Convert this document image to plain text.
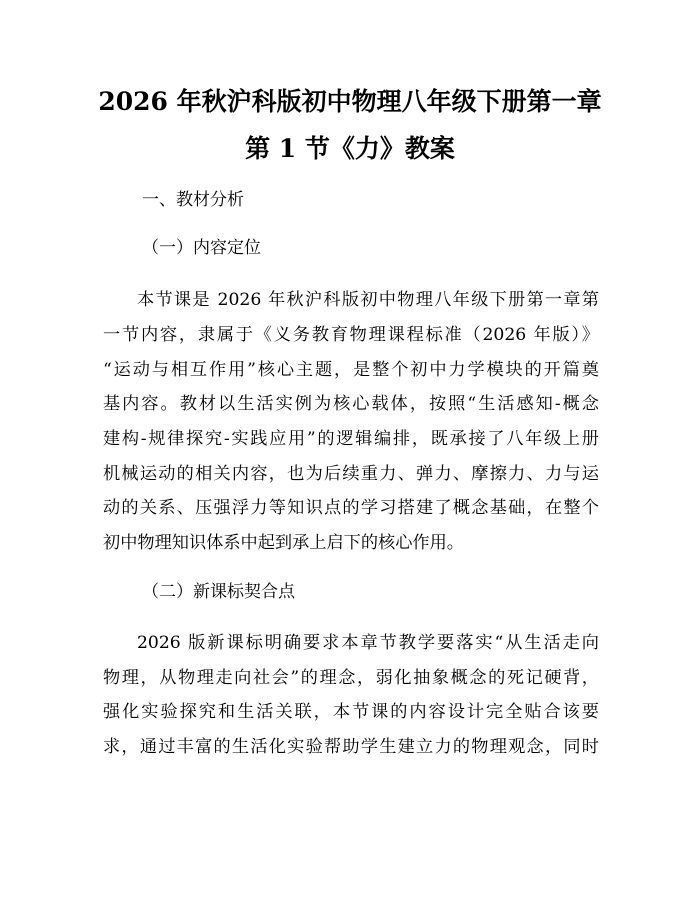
2026 年秋沪科版初中物理八年级下册第一章
第 1 节《力》教案
一、教材分析
（一）内容定位
本节课是 2026 年秋沪科版初中物理八年级下册第一章第
一节内容，隶属于《义务教育物理课程标准（2026 年版）》
“运动与相互作用”核心主题，是整个初中力学模块的开篇奠
基内容。教材以生活实例为核心载体，按照“生活感知-概念
建构-规律探究-实践应用”的逻辑编排，既承接了八年级上册
机械运动的相关内容，也为后续重力、弹力、摩擦力、力与运
动的关系、压强浮力等知识点的学习搭建了概念基础，在整个
初中物理知识体系中起到承上启下的核心作用。
（二）新课标契合点
2026 版新课标明确要求本章节教学要落实“从生活走向
物理，从物理走向社会”的理念，弱化抽象概念的死记硬背，
强化实验探究和生活关联，本节课的内容设计完全贴合该要
求，通过丰富的生活化实验帮助学生建立力的物理观念，同时
